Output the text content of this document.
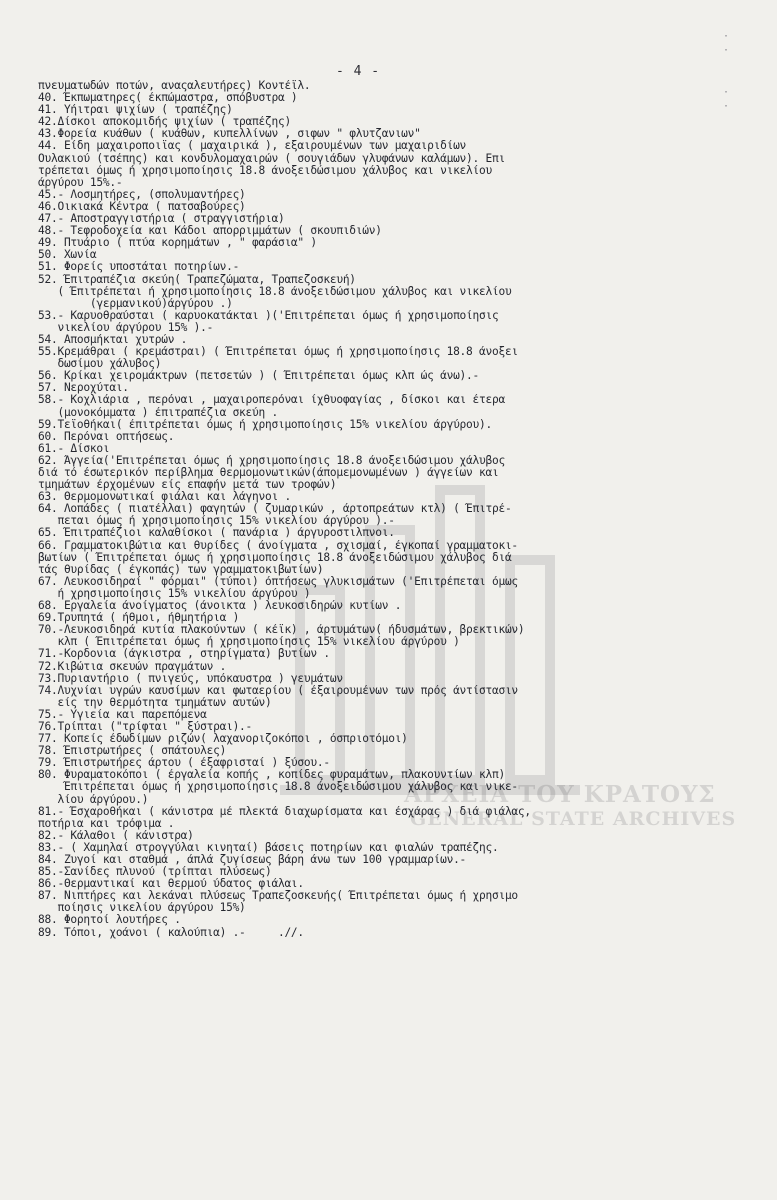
ΑΡΧΕΙΑ ΤΟΥ ΚΡΑΤΟΥΣ
GENERAL STATE ARCHIVES
·
·

·
·
- 4 -
πνευματωδών ποτών, αναςαλευτήρες) Κοντέϊλ.
40. Έκπωματηρες( έκπώμαστρα, σπόβυστρα )
41. Υήιτραι ψιχίων ( τραπέζης)
42.Δίσκοι αποκομιδής ψιχίων ( τραπέζης)
43.Φορεία κυάθων ( κυάθων, κυπελλίνων , σιφων " φλυτζανιων"
44. Είδη μαχαιροποιΐας ( μαχαιρικά ), εξαιρουμένων των μαχαιριδίων
Ουλακιού (τσέπης) και κονδυλομαχαιρών ( σουγιάδων γλυφάνων καλάμων). Επι
τρέπεται όμως ή χρησιμοποίησις 18.8 άνοξειδώσιμου χάλυβος και νικελίου
άργύρου 15%.-
45.- Λοσμητήρες, (σπολυμαντήρες)
46.Οικιακά Κέντρα ( πατσαβούρες)
47.- Αποστραγγιστήρια ( στραγγιστήρια)
48.- Τεφροδοχεία και Κάδοι απορριμμάτων ( σκουπιδιών)
49. Πτυάριο ( πτύα κορημάτων , " φαράσια" )
50. Χωνία
51. Φορείς υποστάται ποτηρίων.-
52. Έπιτραπέζια σκεύη( Τραπεζώματα, Τραπεζοσκευή)
( Έπιτρέπεται ή χρησιμοποίησις 18.8 άνοξειδώσιμου χάλυβος και νικελίου
(γερμανικού)άργύρου .)
53.- Καρυοθραύσται ( καρυοκατάκται )('Επιτρέπεται όμως ή χρησιμοποίησις
νικελίου άργύρου 15% ).-
54. Αποσμήκται χυτρών .
55.Κρεμάθραι ( κρεμάστραι) ( Έπιτρέπεται όμως ή χρησιμοποίησις 18.8 άνοξει
δωσίμου χάλυβος)
56. Κρίκαι χειρομάκτρων (πετσετών ) ( Έπιτρέπεται όμως κλπ ώς άνω).-
57. Νεροχύται.
58.- Κοχλιάρια , περόναι , μαχαιροπερόναι ίχθυοφαγίας , δίσκοι και έτερα
(μονοκόμματα ) έπιτραπέζια σκεύη .
59.Τεϊοθήκαι( έπιτρέπεται όμως ή χρησιμοποίησις 15% νικελίου άργύρου).
60. Περόναι οπτήσεως.
61.- Δίσκοι
62. Άγγεία('Επιτρέπεται όμως ή χρησιμοποίησις 18.8 άνοξειδώσιμου χάλυβος
διά τό έσωτερικόν περίβλημα θερμομονωτικών(άπομεμονωμένων ) άγγείων και
τμημάτων έρχομένων είς επαφήν μετά των τροφών)
63. Θερμομονωτικαί φιάλαι και λάγηνοι .
64. Λοπάδες ( πιατέλλαι) φαγητών ( ζυμαρικών , άρτοπρεάτων κτλ) ( Έπιτρέ-
πεται όμως ή χρησιμοποίησις 15% νικελίου άργύρου ).-
65. Έπιτραπέζιοι καλαθίσκοι ( πανάρια ) άργυροστιλπνοι.
66. Γραμματοκιβώτια και θυρίδες ( άνοίγματα , σχισμαί, έγκοπαί γραμματοκι-
βωτίων ( Έπιτρέπεται όμως ή χρησιμοποίησις 18.8 άνοξειδώσιμου χάλυβος διά
τάς θυρίδας ( έγκοπάς) των γραμματοκιβωτίων)
67. Λευκοσιδηραί " φόρμαι" (τύποι) όπτήσεως γλυκισμάτων ('Επιτρέπεται όμως
ή χρησιμοποίησις 15% νικελίου άργύρου )
68. Εργαλεία άνοίγματος (άνοικτα ) λευκοσιδηρών κυτίων .
69.Τρυπητά ( ήθμοι, ήθμητήρια )
70.-Λευκοσιδηρά κυτία πλακούντων ( κέϊκ) , άρτυμάτων( ήδυσμάτων, βρεκτικών)
κλπ ( Έπιτρέπεται όμως ή χρησιμοποίησις 15% νικελίου άργύρου )
71.-Κορδονια (άγκιστρα , στηρίγματα) βυτίων .
72.Κιβώτια σκευών πραγμάτων .
73.Πυριαντήριο ( πνιγεύς, υπόκαυστρα ) γευμάτων
74.Λυχνίαι υγρών καυσίμων και φωταερίου ( έξαιρουμένων των πρός άντίστασιν
είς την θερμότητα τμημάτων αυτών)
75.- Υγιεία και παρεπόμενα
76.Τρίπται ("τρίφται " ξύστραι).-
77. Κοπείς έδωδίμων ριζών( λαχανοριζοκόποι , όσπριοτόμοι)
78. Έπιστρωτήρες ( σπάτουλες)
79. Έπιστρωτήρες άρτου ( έξαφρισταί ) ξύσου.-
80. Φυραματοκόποι ( έργαλεία κοπής , κοπίδες φυραμάτων, πλακουντίων κλπ)
Έπιτρέπεται όμως ή χρησιμοποίησις 18.8 άνοξειδώσιμου χάλυβος και νικε-
λίου άργύρου.)
81.- Έσχαροθήκαι ( κάνιστρα μέ πλεκτά διαχωρίσματα και έσχάρας ) διά φιάλας,
ποτήρια και τρόφιμα .
82.- Κάλαθοι ( κάνιστρα)
83.- ( Χαμηλαί στρογγύλαι κινηταί) βάσεις ποτηρίων και φιαλών τραπέζης.
84. Ζυγοί και σταθμά , άπλά ζυγίσεως βάρη άνω των 100 γραμμαρίων.-
85.-Σανίδες πλυνού (τρίπται πλύσεως)
86.-Θερμαντικαί και θερμού ύδατος φιάλαι.
87. Νιπτήρες και λεκάναι πλύσεως Τραπεζοσκευής( Έπιτρέπεται όμως ή χρησιμο
ποίησις νικελίου άργύρου 15%)
88. Φορητοί λουτήρες .
89. Τόποι, χοάνοι ( καλούπια) .-     .//.
